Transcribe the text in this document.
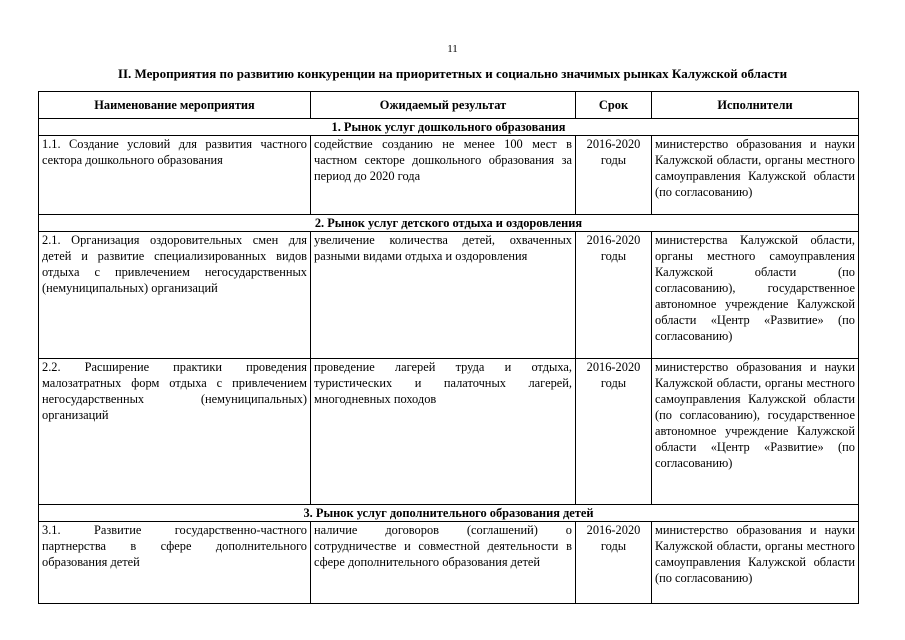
11
II. Мероприятия по развитию конкуренции на приоритетных и социально значимых рынках Калужской области
Наименование мероприятия	Ожидаемый результат	Срок	Исполнители
1. Рынок услуг дошкольного образования			
1.1. Создание условий для развития частного сектора дошкольного образования	содействие созданию не менее 100 мест в частном секторе дошкольного образования за период до 2020 года	2016-2020 годы	министерство образования и науки Калужской области, органы местного самоуправления Калужской области (по согласованию)
2. Рынок услуг детского отдыха и оздоровления			
2.1. Организация оздоровительных смен для детей и развитие специализированных видов отдыха с привлечением негосударственных (немуниципальных) организаций	увеличение количества детей, охваченных разными видами отдыха и оздоровления	2016-2020 годы	министерства Калужской области, органы местного самоуправления Калужской области (по согласованию), государственное автономное учреждение Калужской области «Центр «Развитие» (по согласованию)
2.2. Расширение практики проведения малозатратных форм отдыха с привлечением негосударственных (немуниципальных) организаций	проведение лагерей труда и отдыха, туристических и палаточных лагерей, многодневных походов	2016-2020 годы	министерство образования и науки Калужской области, органы местного самоуправления Калужской области (по согласованию), государственное автономное учреждение Калужской области «Центр «Развитие» (по согласованию)
3. Рынок услуг дополнительного образования детей			
3.1. Развитие государственно-частного партнерства в сфере дополнительного образования детей	наличие договоров (соглашений) о сотрудничестве и совместной деятельности в сфере дополнительного образования детей	2016-2020 годы	министерство образования и науки Калужской области, органы местного самоуправления Калужской области (по согласованию)
